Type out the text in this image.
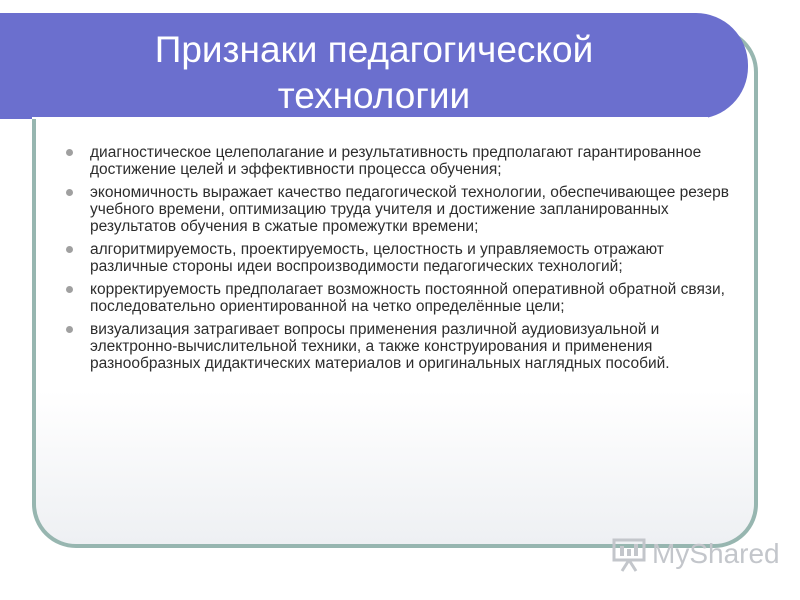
Признаки педагогической
технологии
диагностическое целеполагание и результативность предполагают гарантированное достижение целей и эффективности процесса обучения;
экономичность выражает качество педагогической технологии, обеспечивающее резерв учебного времени, оптимизацию труда учителя и достижение запланированных результатов обучения в сжатые промежутки времени;
алгоритмируемость, проектируемость, целостность и управляемость отражают различные стороны идеи воспроизводимости педагогических технологий;
корректируемость предполагает возможность постоянной оперативной обратной связи, последовательно ориентированной на четко определённые цели;
визуализация затрагивает вопросы применения различной аудиовизуальной и электронно-вычислительной техники, а также конструирования и применения разнообразных дидактических материалов и оригинальных наглядных пособий.
MyShared
